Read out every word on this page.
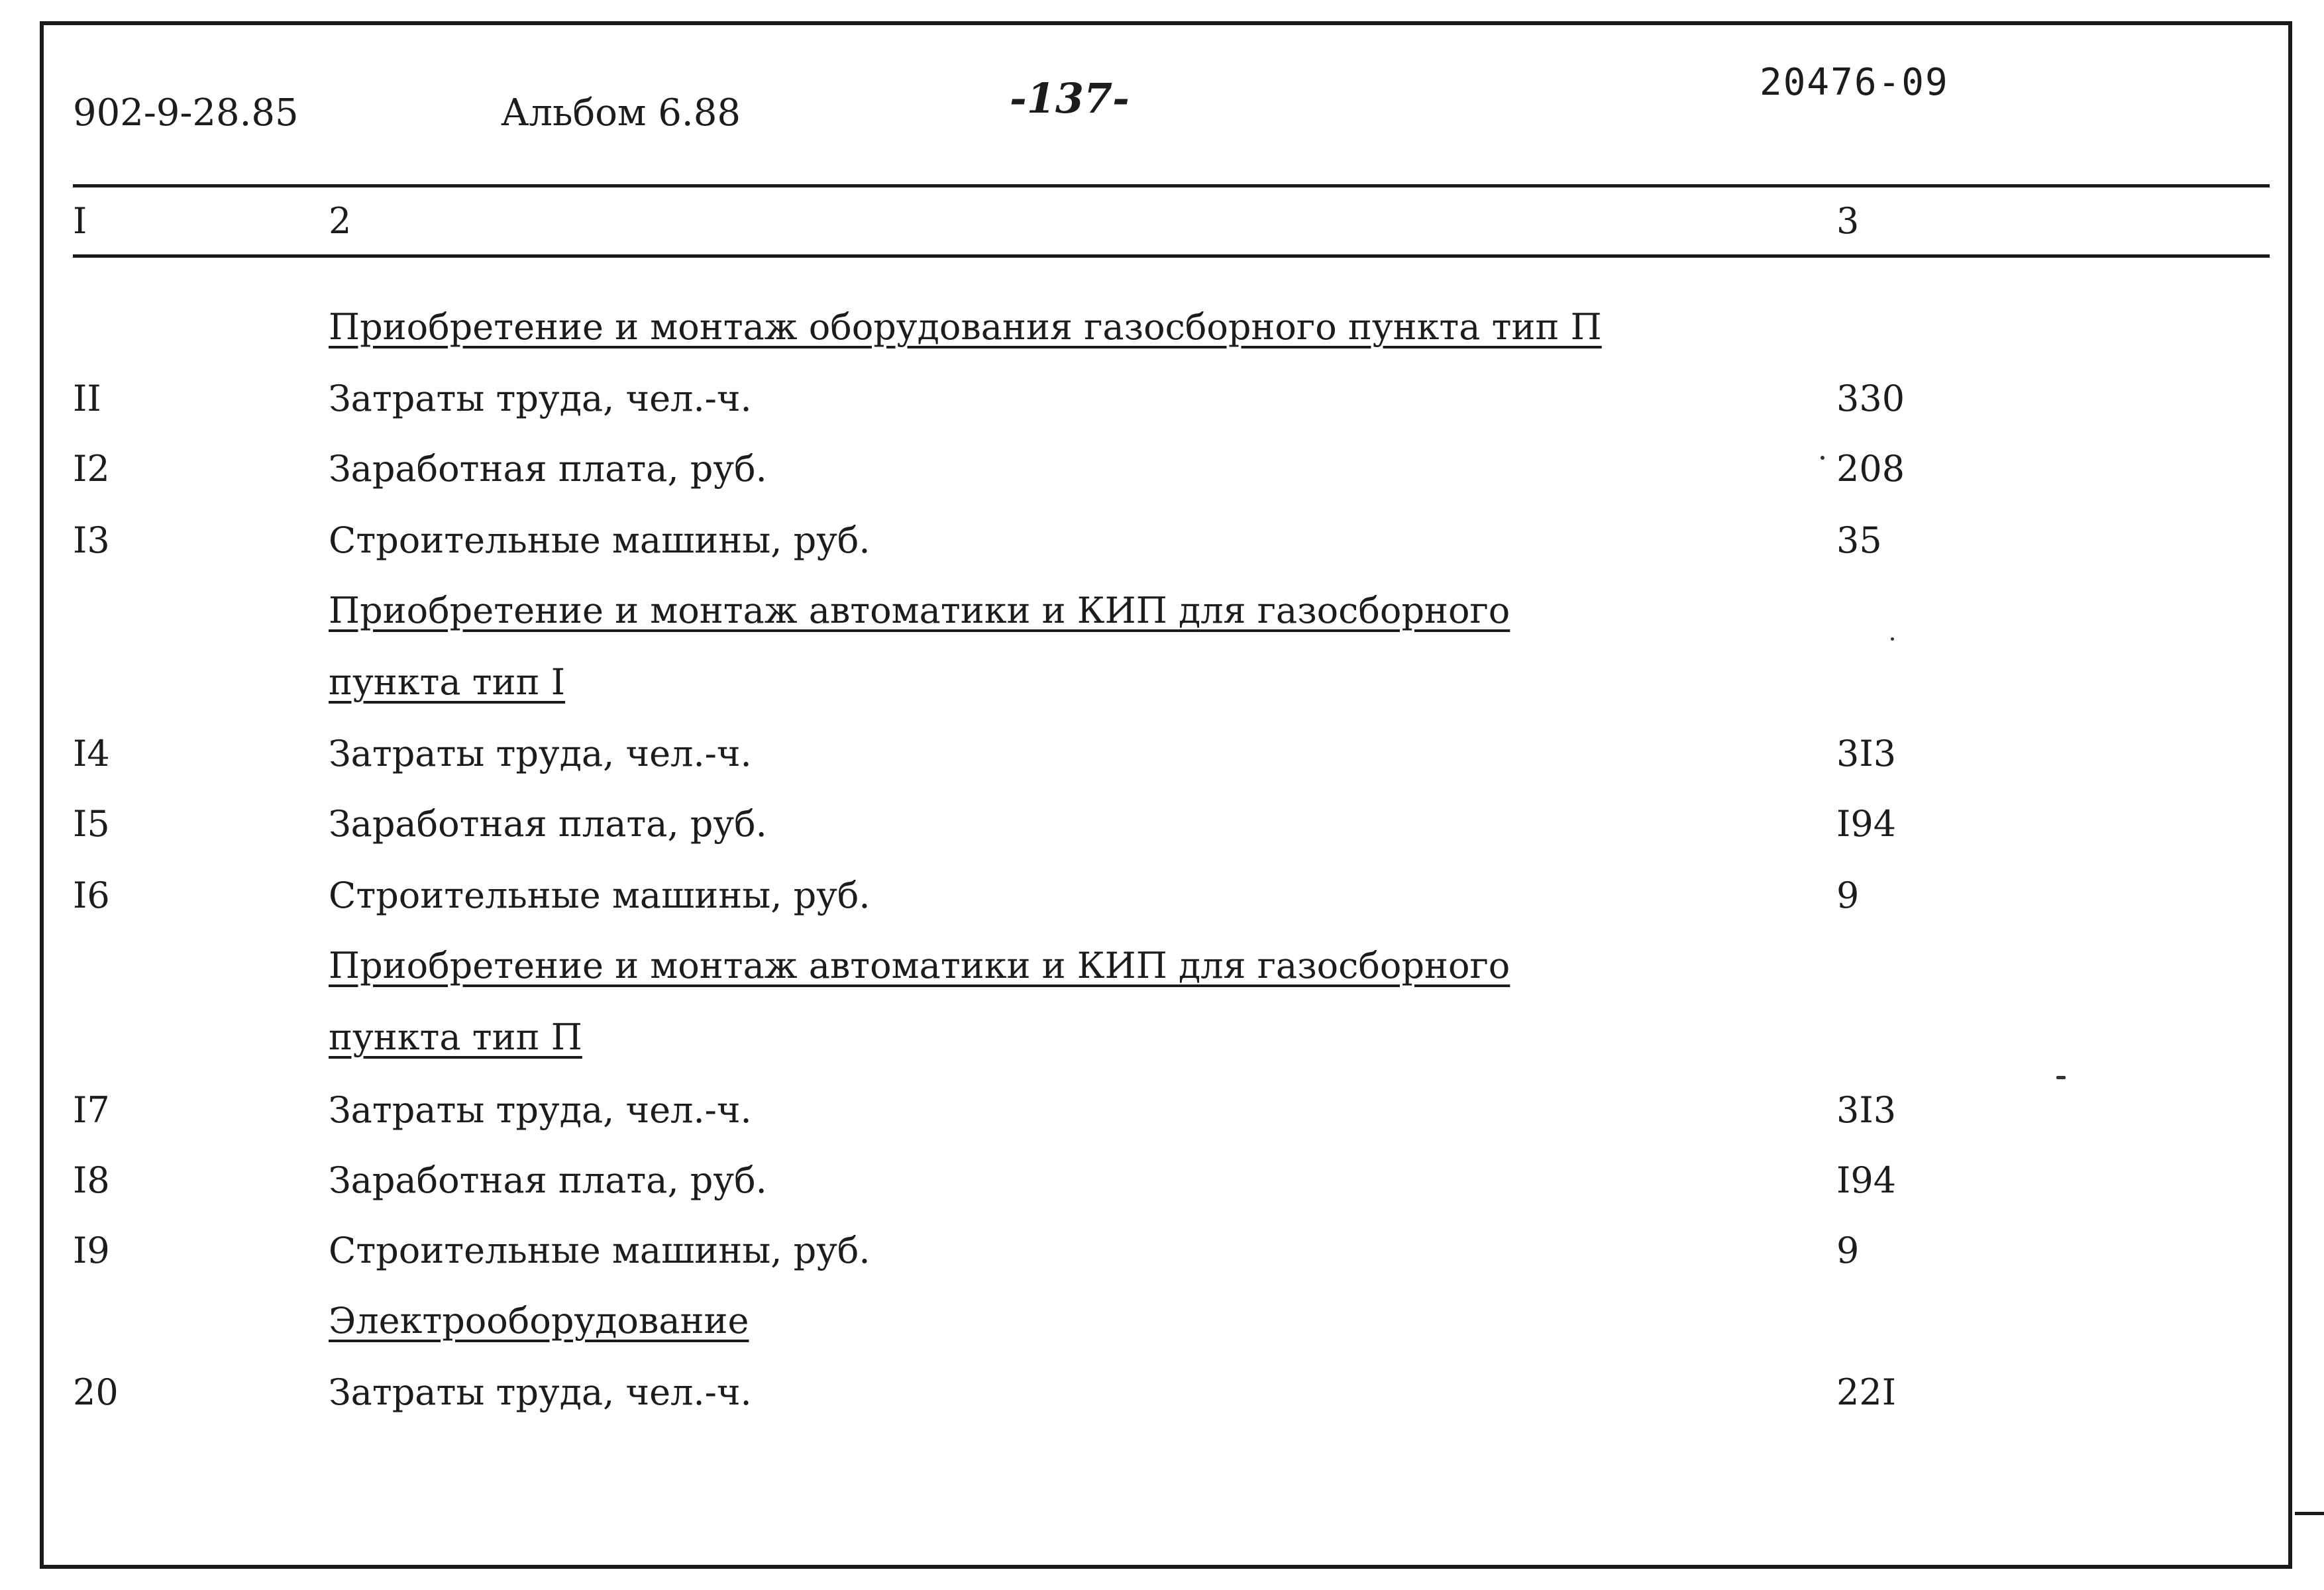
902-9-28.85	Альбом 6.88	-137-	20476-09
I	2	3
Приобретение и монтаж оборудования газосборного пункта тип П
II	Затраты труда, чел.-ч.	330
I2	Заработная плата, руб.	208
I3	Строительные машины, руб.	35
Приобретение и монтаж автоматики и КИП для газосборного
пункта тип I
I4	Затраты труда, чел.-ч.	3I3
I5	Заработная плата, руб.	I94
I6	Строительные машины, руб.	9
Приобретение и монтаж автоматики и КИП для газосборного
пункта тип П
I7	Затраты труда, чел.-ч.	3I3
I8	Заработная плата, руб.	I94
I9	Строительные машины, руб.	9
Электрооборудование
20	Затраты труда, чел.-ч.	22I
